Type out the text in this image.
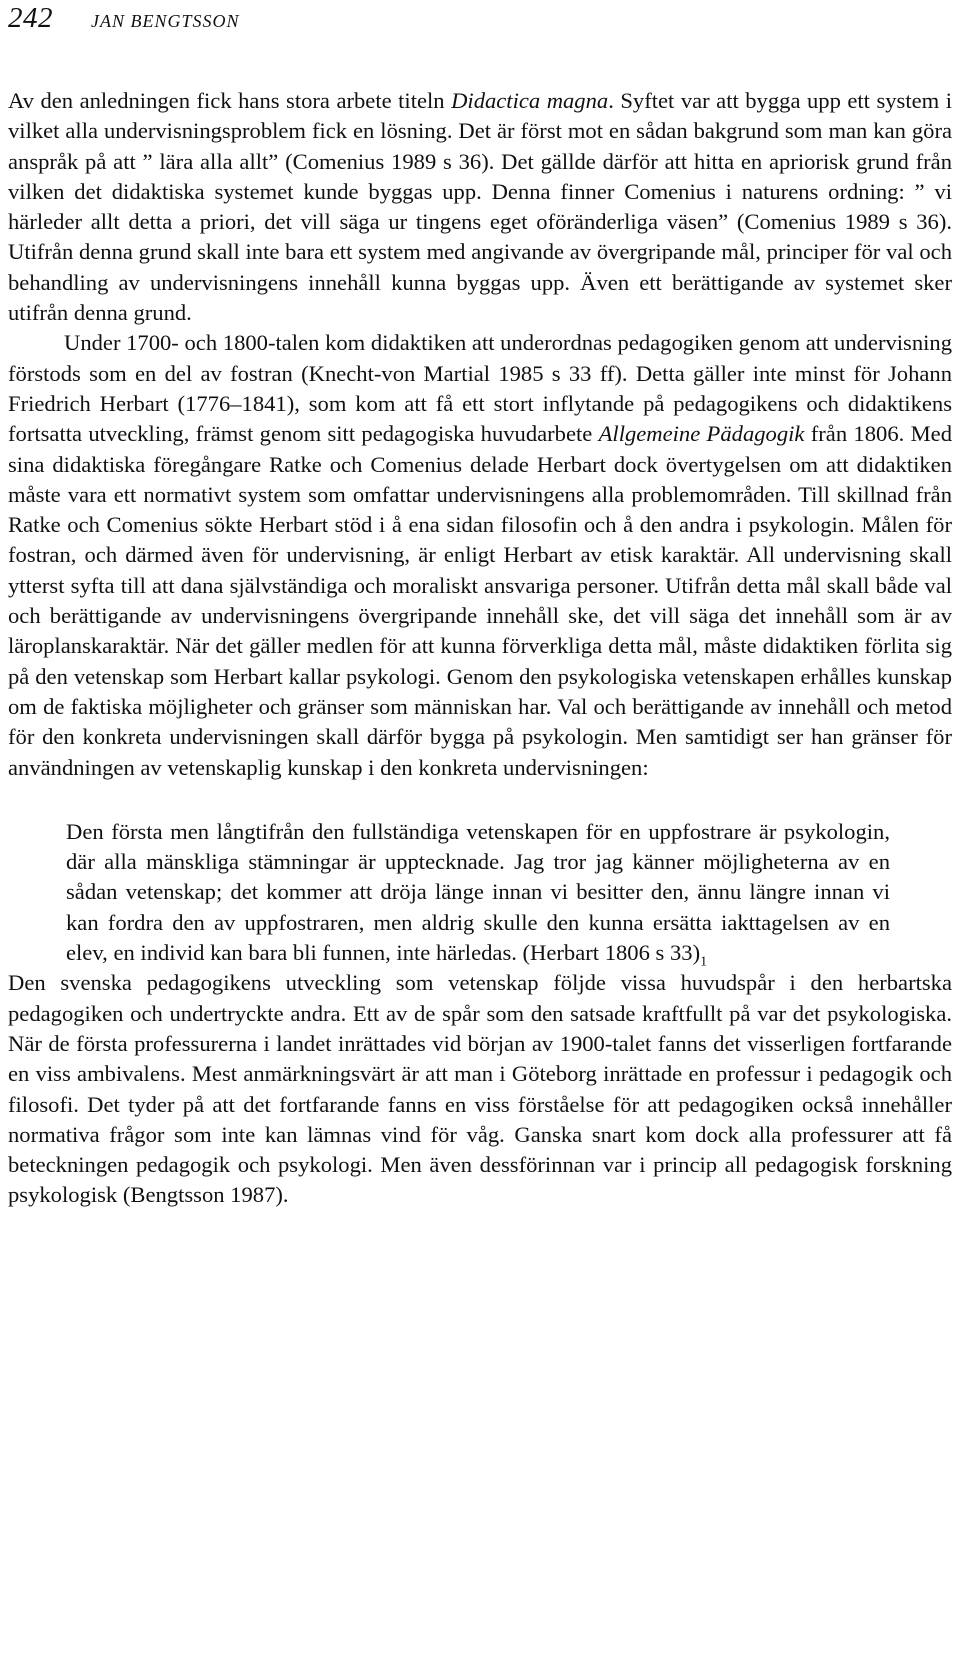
242 JAN BENGTSSON

Av den anledningen fick hans stora arbete titeln Didactica magna. Syftet var att bygga upp ett system i vilket alla undervisningsproblem fick en lösning. Det är först mot en sådan bakgrund som man kan göra anspråk på att ” lära alla allt” (Comenius 1989 s 36). Det gällde därför att hitta en apriorisk grund från vilken det didaktiska systemet kunde byggas upp. Denna finner Comenius i naturens ordning: ” vi härleder allt detta a priori, det vill säga ur tingens eget oföränderliga väsen” (Comenius 1989 s 36). Utifrån denna grund skall inte bara ett system med angivande av övergripande mål, principer för val och behandling av undervisningens innehåll kunna byggas upp. Även ett berättigande av systemet sker utifrån denna grund.

Under 1700- och 1800-talen kom didaktiken att underordnas pedagogiken genom att undervisning förstods som en del av fostran (Knecht-von Martial 1985 s 33 ff). Detta gäller inte minst för Johann Friedrich Herbart (1776–1841), som kom att få ett stort inflytande på pedagogikens och didaktikens fortsatta utveckling, främst genom sitt pedagogiska huvudarbete Allgemeine Pädagogik från 1806. Med sina didaktiska föregångare Ratke och Comenius delade Herbart dock övertygelsen om att didaktiken måste vara ett normativt system som omfattar undervisningens alla problemområden. Till skillnad från Ratke och Comenius sökte Herbart stöd i å ena sidan filosofin och å den andra i psykologin. Målen för fostran, och därmed även för undervisning, är enligt Herbart av etisk karaktär. All undervisning skall ytterst syfta till att dana självständiga och moraliskt ansvariga personer. Utifrån detta mål skall både val och berättigande av undervisningens övergripande innehåll ske, det vill säga det innehåll som är av läroplanskaraktär. När det gäller medlen för att kunna förverkliga detta mål, måste didaktiken förlita sig på den vetenskap som Herbart kallar psykologi. Genom den psykologiska vetenskapen erhålles kunskap om de faktiska möjligheter och gränser som människan har. Val och berättigande av innehåll och metod för den konkreta undervisningen skall därför bygga på psykologin. Men samtidigt ser han gränser för användningen av vetenskaplig kunskap i den konkreta undervisningen:

Den första men långtifrån den fullständiga vetenskapen för en uppfostrare är psykologin, där alla mänskliga stämningar är upptecknade. Jag tror jag känner möjligheterna av en sådan vetenskap; det kommer att dröja länge innan vi besitter den, ännu längre innan vi kan fordra den av uppfostraren, men aldrig skulle den kunna ersätta iakttagelsen av en elev, en individ kan bara bli funnen, inte härledas. (Herbart 1806 s $33)_1$

Den svenska pedagogikens utveckling som vetenskap följde vissa huvudspår i den herbartska pedagogiken och undertryckte andra. Ett av de spår som den satsade kraftfullt på var det psykologiska. När de första professurerna i landet inrättades vid början av 1900-talet fanns det visserligen fortfarande en viss ambivalens. Mest anmärkningsvärt är att man i Göteborg inrättade en professur i pedagogik och filosofi. Det tyder på att det fortfarande fanns en viss förståelse för att pedagogiken också innehåller normativa frågor som inte kan lämnas vind för våg. Ganska snart kom dock alla professurer att få beteckningen pedagogik och psykologi. Men även dessförinnan var i princip all pedagogisk forskning psykologisk (Bengtsson 1987).
